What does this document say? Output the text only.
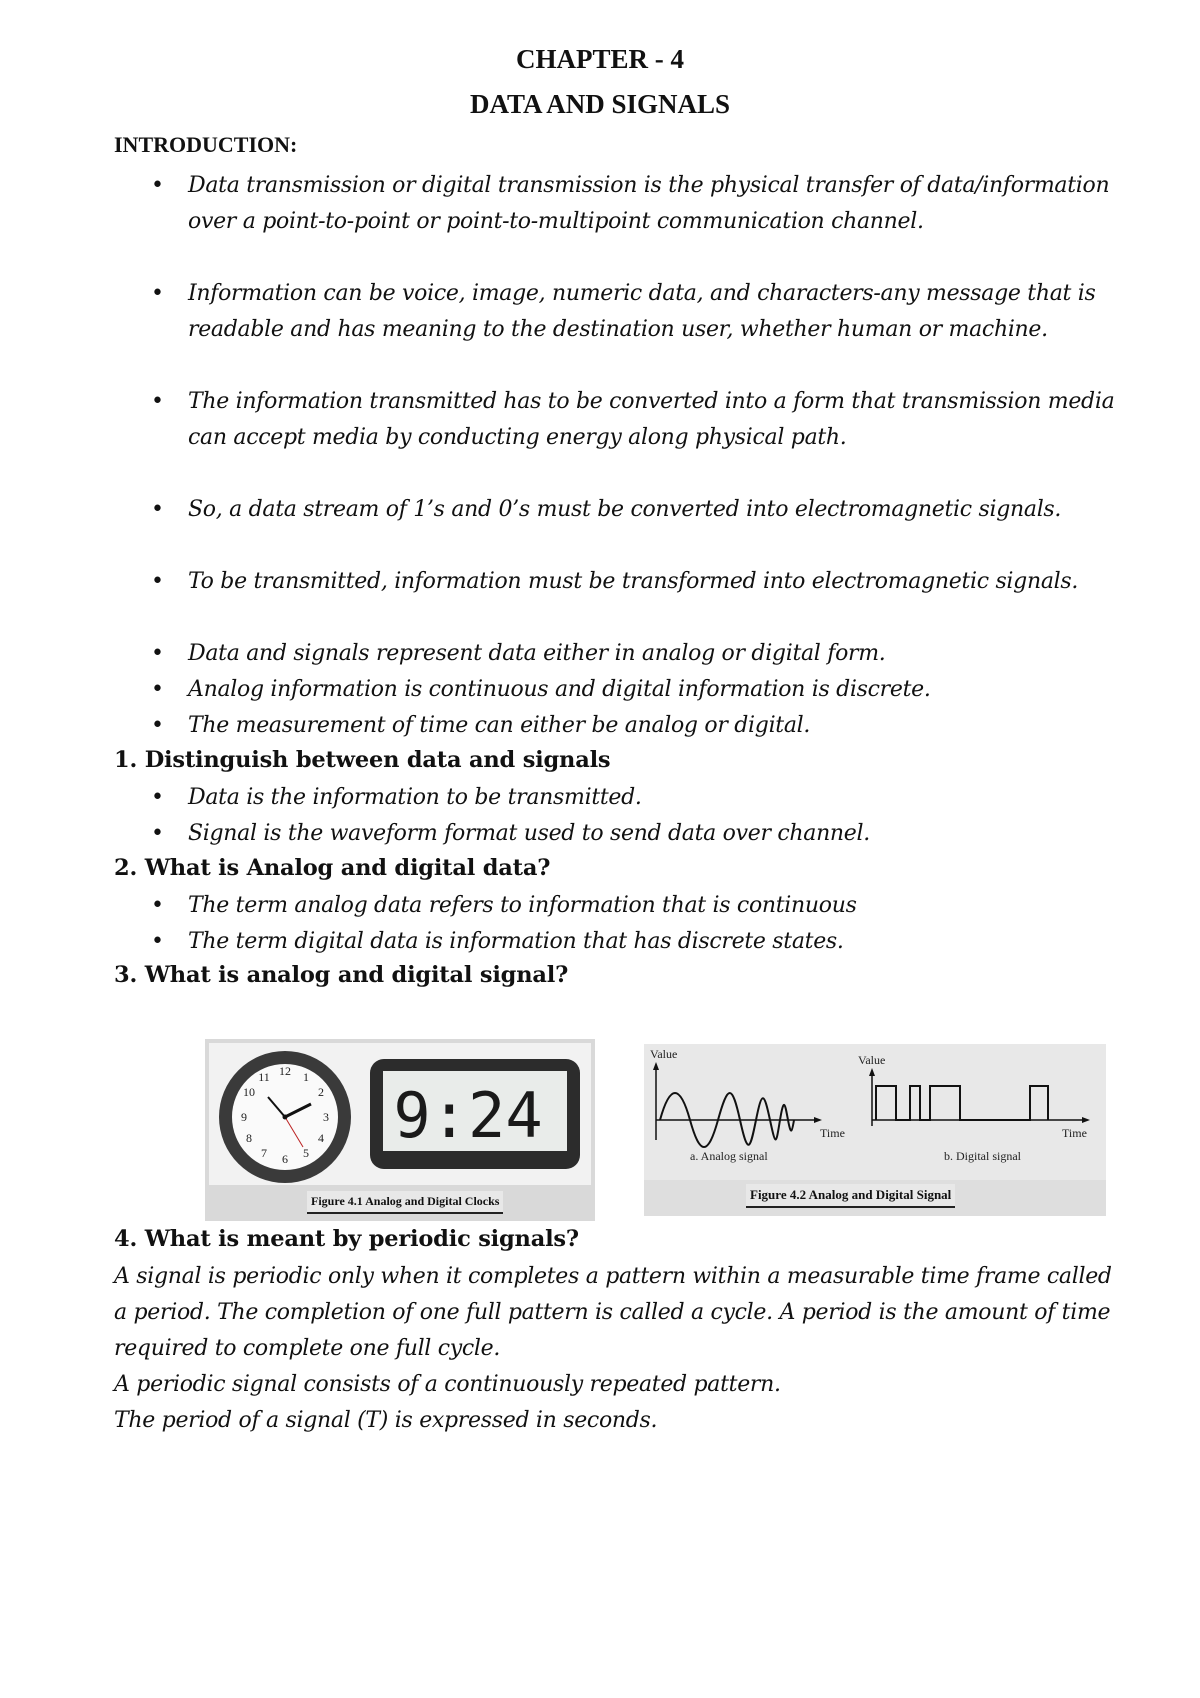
CHAPTER - 4
DATA AND SIGNALS
INTRODUCTION:
• Data transmission or digital transmission is the physical transfer of data/information over a point-to-point or point-to-multipoint communication channel.
• Information can be voice, image, numeric data, and characters-any message that is readable and has meaning to the destination user, whether human or machine.
• The information transmitted has to be converted into a form that transmission media can accept media by conducting energy along physical path.
• So, a data stream of 1’s and 0’s must be converted into electromagnetic signals.
• To be transmitted, information must be transformed into electromagnetic signals.
• Data and signals represent data either in analog or digital form.
• Analog information is continuous and digital information is discrete.
• The measurement of time can either be analog or digital.
1. Distinguish between data and signals
• Data is the information to be transmitted.
• Signal is the waveform format used to send data over channel.
2. What is Analog and digital data?
• The term analog data refers to information that is continuous
• The term digital data is information that has discrete states.
3. What is analog and digital signal?
12 1
2
3
4
5
6
7
8
9
10
11
9:24
Figure 4.1 Analog and Digital Clocks
Value
Time
a. Analog signal
Value
Time
b. Digital signal
Figure 4.2 Analog and Digital Signal
4. What is meant by periodic signals?
A signal is periodic only when it completes a pattern within a measurable time frame called a period. The completion of one full pattern is called a cycle. A period is the amount of time required to complete one full cycle.
A periodic signal consists of a continuously repeated pattern.
The period of a signal (T) is expressed in seconds.
